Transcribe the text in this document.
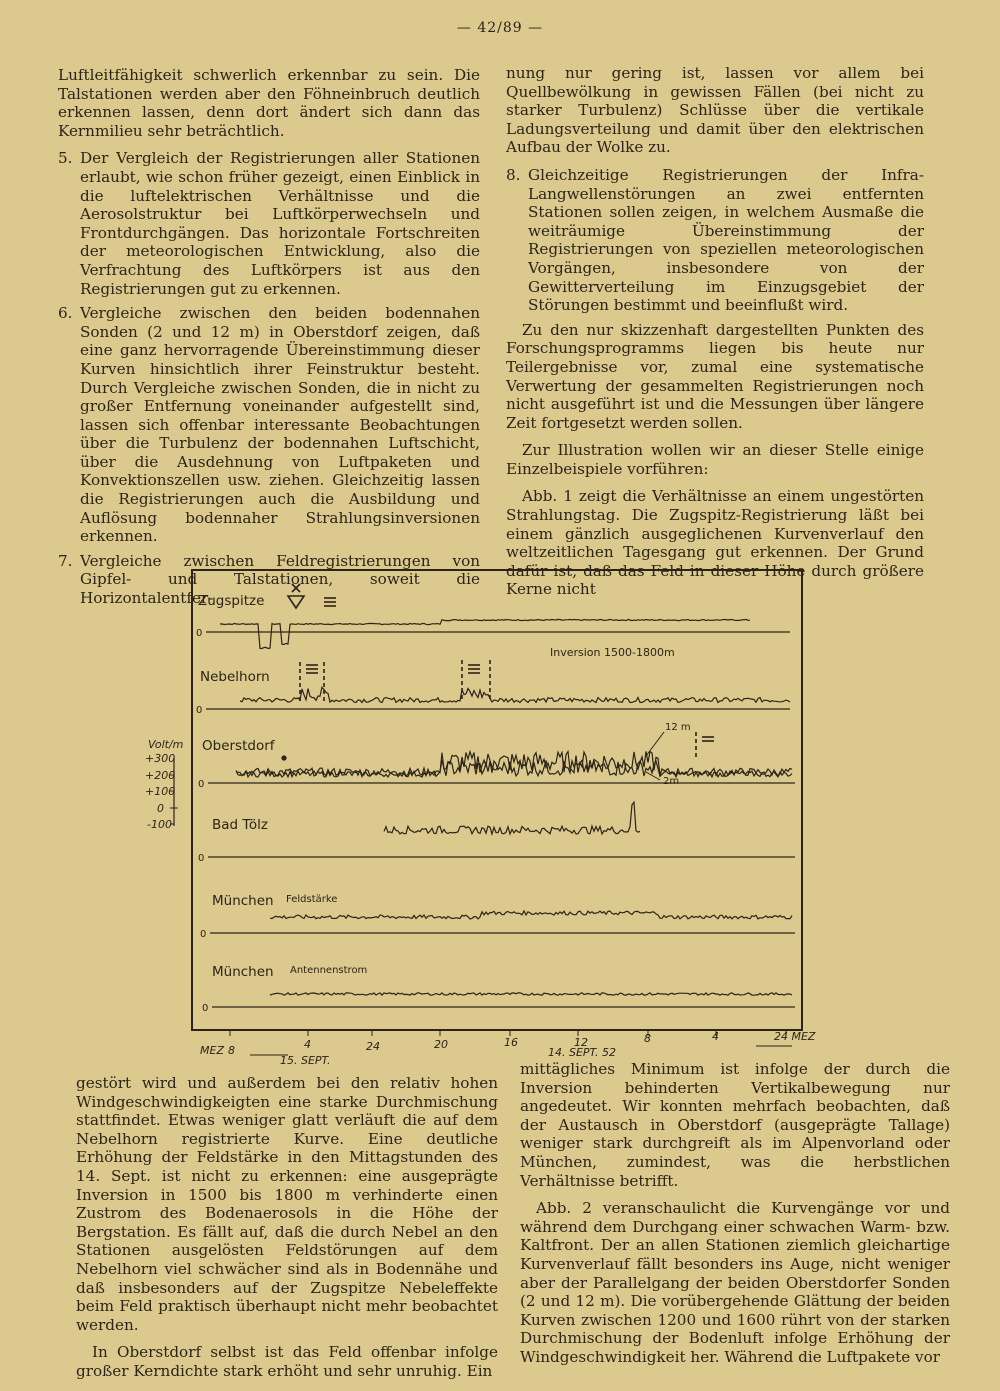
— 42/89 —

Luftleitfähigkeit schwerlich erkennbar zu sein. Die Talstationen werden aber den Föhneinbruch deutlich erkennen lassen, denn dort ändert sich dann das Kernmilieu sehr beträchtlich.

5. Der Vergleich der Registrierungen aller Stationen erlaubt, wie schon früher gezeigt, einen Einblick in die luftelektrischen Verhältnisse und die Aerosolstruktur bei Luftkörperwechseln und Frontdurchgängen. Das horizontale Fortschreiten der meteorologischen Entwicklung, also die Verfrachtung des Luftkörpers ist aus den Registrierungen gut zu erkennen.
6. Vergleiche zwischen den beiden bodennahen Sonden (2 und 12 m) in Oberstdorf zeigen, daß eine ganz hervorragende Übereinstimmung dieser Kurven hinsichtlich ihrer Feinstruktur besteht. Durch Vergleiche zwischen Sonden, die in nicht zu großer Entfernung voneinander aufgestellt sind, lassen sich offenbar interessante Beobachtungen über die Turbulenz der bodennahen Luftschicht, über die Ausdehnung von Luftpaketen und Konvektionszellen usw. ziehen. Gleichzeitig lassen die Registrierungen auch die Ausbildung und Auflösung bodennaher Strahlungsinversionen erkennen.
7. Vergleiche zwischen Feldregistrierungen von Gipfel- und Talstationen, soweit die Horizontalentfer-

nung nur gering ist, lassen vor allem bei Quellbewölkung in gewissen Fällen (bei nicht zu starker Turbulenz) Schlüsse über die vertikale Ladungsverteilung und damit über den elektrischen Aufbau der Wolke zu.

8. Gleichzeitige Registrierungen der Infra-Langwellenstörungen an zwei entfernten Stationen sollen zeigen, in welchem Ausmaße die weiträumige Übereinstimmung der Registrierungen von speziellen meteorologischen Vorgängen, insbesondere von der Gewitterverteilung im Einzugsgebiet der Störungen bestimmt und beeinflußt wird.

Zu den nur skizzenhaft dargestellten Punkten des Forschungsprogramms liegen bis heute nur Teilergebnisse vor, zumal eine systematische Verwertung der gesammelten Registrierungen noch nicht ausgeführt ist und die Messungen über längere Zeit fortgesetzt werden sollen.

Zur Illustration wollen wir an dieser Stelle einige Einzelbeispiele vorführen:

Abb. 1 zeigt die Verhältnisse an einem ungestörten Strahlungstag. Die Zugspitz-Registrierung läßt bei einem gänzlich ausgeglichenen Kurvenverlauf den weltzeitlichen Tagesgang gut erkennen. Der Grund dafür ist, daß das Feld in dieser Höhe durch größere Kerne nicht

Zugspitze
Nebelhorn
Oberstdorf
Bad Tölz
München Feldstärke
München Antennenstrom
0
0
0
0
0
0
Inversion 1500-1800m
12 m
2m
Volt/m
+300
+200
+100
0
-100
MEZ 8	4	24	20	16	12	8	4	24 MEZ
15. SEPT.
14. SEPT. 52

gestört wird und außerdem bei den relativ hohen Windgeschwindigkeigten eine starke Durchmischung stattfindet. Etwas weniger glatt verläuft die auf dem Nebelhorn registrierte Kurve. Eine deutliche Erhöhung der Feldstärke in den Mittagstunden des 14. Sept. ist nicht zu erkennen: eine ausgeprägte Inversion in 1500 bis 1800 m verhinderte einen Zustrom des Bodenaerosols in die Höhe der Bergstation. Es fällt auf, daß die durch Nebel an den Stationen ausgelösten Feldstörungen auf dem Nebelhorn viel schwächer sind als in Bodennähe und daß insbesonders auf der Zugspitze Nebeleffekte beim Feld praktisch überhaupt nicht mehr beobachtet werden.

In Oberstdorf selbst ist das Feld offenbar infolge großer Kerndichte stark erhöht und sehr unruhig. Ein

mittägliches Minimum ist infolge der durch die Inversion behinderten Vertikalbewegung nur angedeutet. Wir konnten mehrfach beobachten, daß der Austausch in Oberstdorf (ausgeprägte Tallage) weniger stark durchgreift als im Alpenvorland oder München, zumindest, was die herbstlichen Verhältnisse betrifft.

Abb. 2 veranschaulicht die Kurvengänge vor und während dem Durchgang einer schwachen Warm- bzw. Kaltfront. Der an allen Stationen ziemlich gleichartige Kurvenverlauf fällt besonders ins Auge, nicht weniger aber der Parallelgang der beiden Oberstdorfer Sonden (2 und 12 m). Die vorübergehende Glättung der beiden Kurven zwischen 1200 und 1600 rührt von der starken Durchmischung der Bodenluft infolge Erhöhung der Windgeschwindigkeit her. Während die Luftpakete vor
